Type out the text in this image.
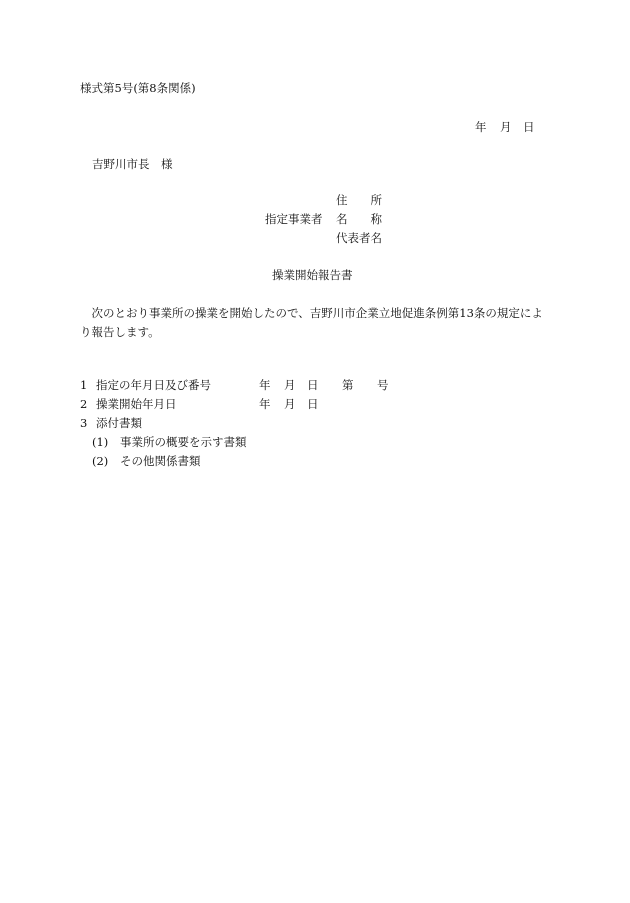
様式第5号(第8条関係)
年 月 日
吉野川市長　様
住　　所
指定事業者 名　　称
代表者名
操業開始報告書
次のとおり事業所の操業を開始したので、吉野川市企業立地促進条例第13条の規定により報告します。
1 指定の年月日及び番号	年 月 日 第 号
2 操業開始年月日	年 月 日
3 添付書類
(1) 事業所の概要を示す書類
(2) その他関係書類
